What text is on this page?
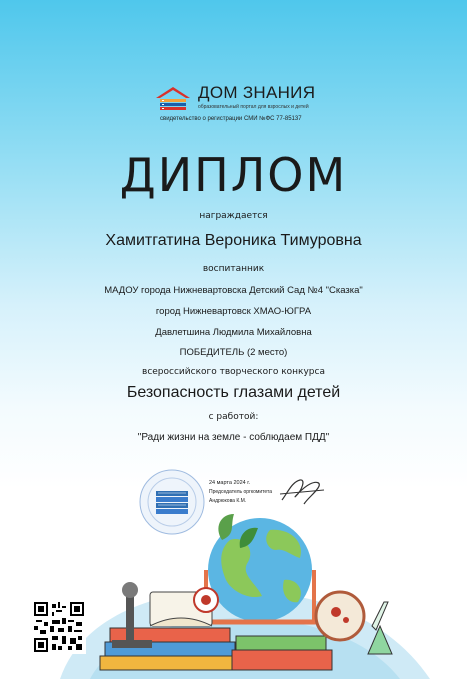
ДОМ ЗНАНИЯ
образовательный портал для взрослых и детей
свидетельство о регистрации СМИ №ФС 77-85137
ДИПЛОМ
награждается
Хамитгатина Вероника Тимуровна
воспитанник
МАДОУ города Нижневартовска Детский Сад №4 "Сказка"
город Нижневартовск ХМАО-ЮГРА
Давлетшина Людмила Михайловна
ПОБЕДИТЕЛЬ (2 место)
всероссийского творческого конкурса
Безопасность глазами детей
с работой:
"Ради жизни на земле - соблюдаем ПДД"
24 марта 2024 г.
Председатель оргкомитета
Андрюкова К.М.
